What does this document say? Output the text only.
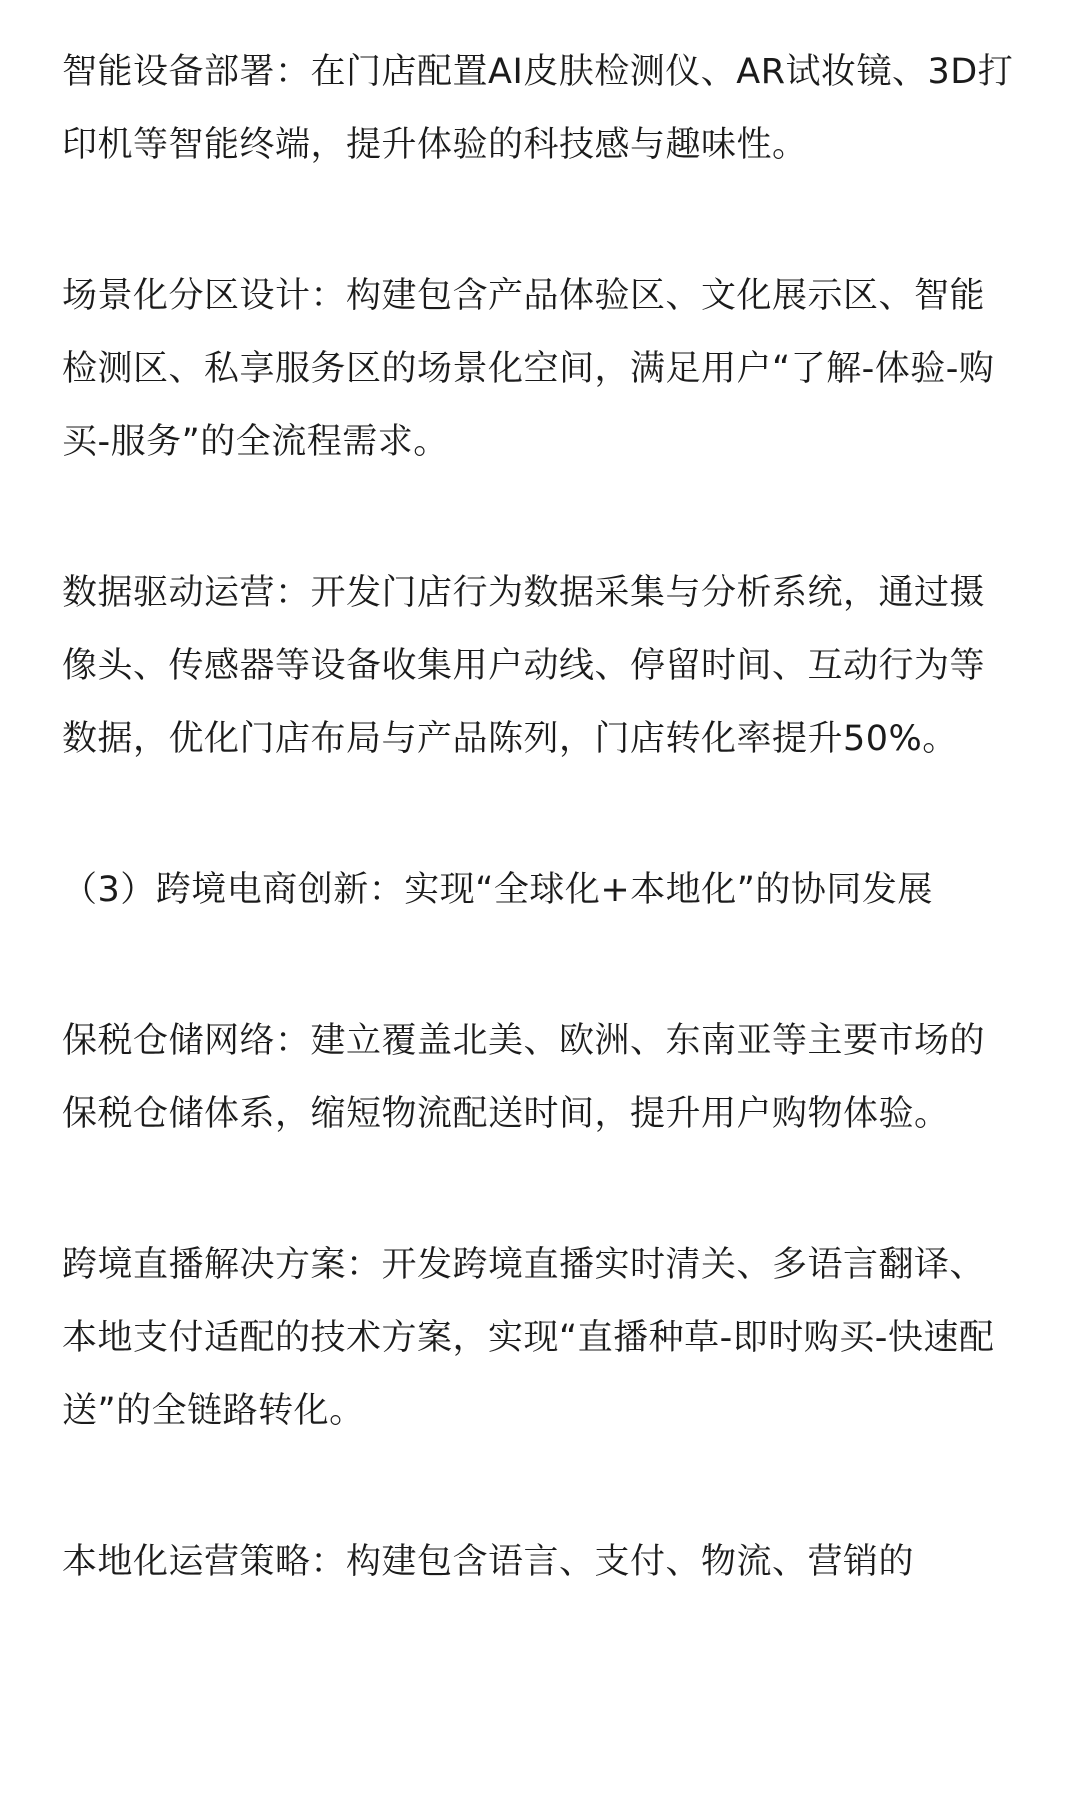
智能设备部署：在门店配置AI皮肤检测仪、AR试妆镜、3D打印机等智能终端，提升体验的科技感与趣味性。

场景化分区设计：构建包含产品体验区、文化展示区、智能检测区、私享服务区的场景化空间，满足用户“了解-体验-购买-服务”的全流程需求。

数据驱动运营：开发门店行为数据采集与分析系统，通过摄像头、传感器等设备收集用户动线、停留时间、互动行为等数据，优化门店布局与产品陈列，门店转化率提升50%。

（3）跨境电商创新：实现“全球化+本地化”的协同发展

保税仓储网络：建立覆盖北美、欧洲、东南亚等主要市场的保税仓储体系，缩短物流配送时间，提升用户购物体验。

跨境直播解决方案：开发跨境直播实时清关、多语言翻译、本地支付适配的技术方案，实现“直播种草-即时购买-快速配送”的全链路转化。

本地化运营策略：构建包含语言、支付、物流、营销的
